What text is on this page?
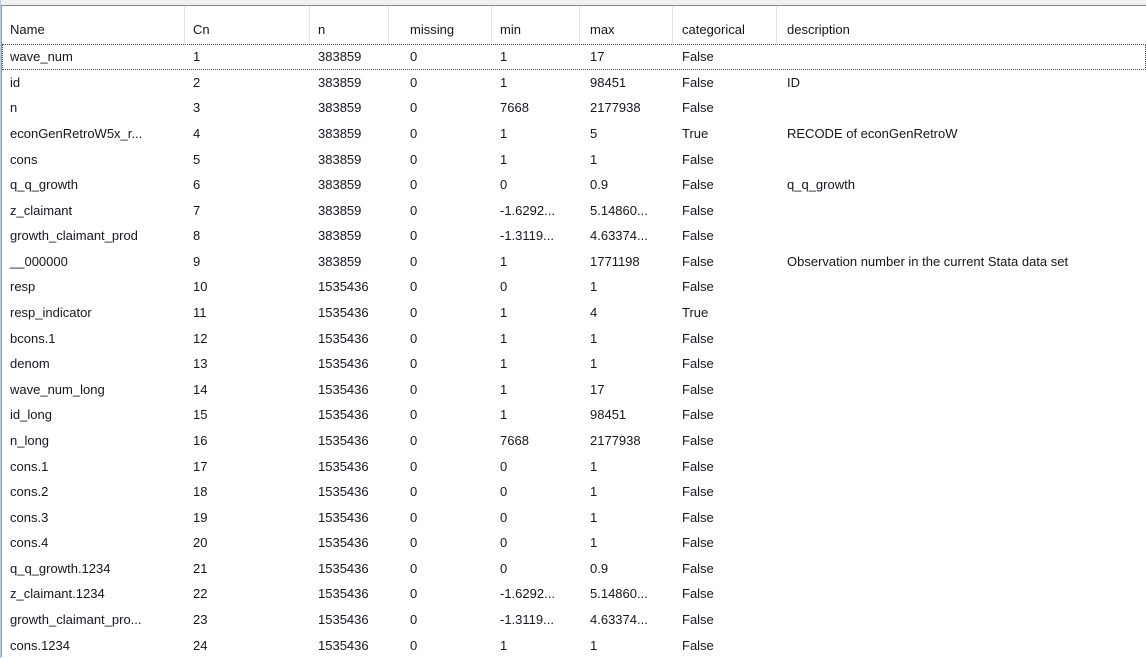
Name	Cn	n	missing	min	max	categorical	description
wave_num	1	383859	0	1	17	False
id	2	383859	0	1	98451	False	ID
n	3	383859	0	7668	2177938	False
econGenRetroW5x_r...	4	383859	0	1	5	True	RECODE of econGenRetroW
cons	5	383859	0	1	1	False
q_q_growth	6	383859	0	0	0.9	False	q_q_growth
z_claimant	7	383859	0	-1.6292...	5.14860...	False
growth_claimant_prod	8	383859	0	-1.3119...	4.63374...	False
__000000	9	383859	0	1	1771198	False	Observation number in the current Stata data set
resp	10	1535436	0	0	1	False
resp_indicator	11	1535436	0	1	4	True
bcons.1	12	1535436	0	1	1	False
denom	13	1535436	0	1	1	False
wave_num_long	14	1535436	0	1	17	False
id_long	15	1535436	0	1	98451	False
n_long	16	1535436	0	7668	2177938	False
cons.1	17	1535436	0	0	1	False
cons.2	18	1535436	0	0	1	False
cons.3	19	1535436	0	0	1	False
cons.4	20	1535436	0	0	1	False
q_q_growth.1234	21	1535436	0	0	0.9	False
z_claimant.1234	22	1535436	0	-1.6292...	5.14860...	False
growth_claimant_pro...	23	1535436	0	-1.3119...	4.63374...	False
cons.1234	24	1535436	0	1	1	False
